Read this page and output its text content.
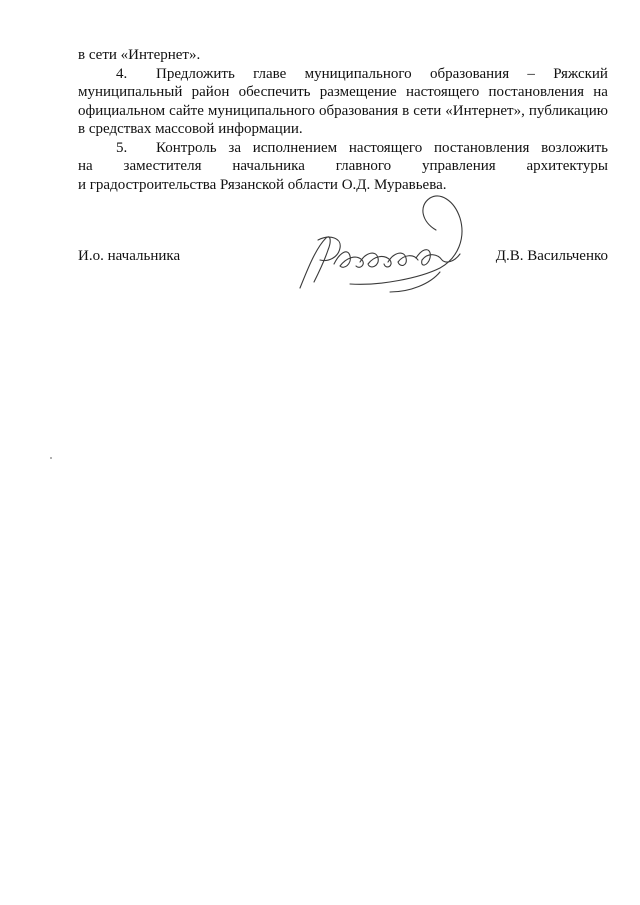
в сети «Интернет».
4. Предложить главе муниципального образования – Ряжский
муниципальный район обеспечить размещение настоящего постановления на
официальном сайте муниципального образования в сети «Интернет», публикацию
в средствах массовой информации.
5. Контроль за исполнением настоящего постановления возложить
на заместителя начальника главного управления архитектуры
и градостроительства Рязанской области О.Д. Муравьева.
И.о. начальника	Д.В. Васильченко
